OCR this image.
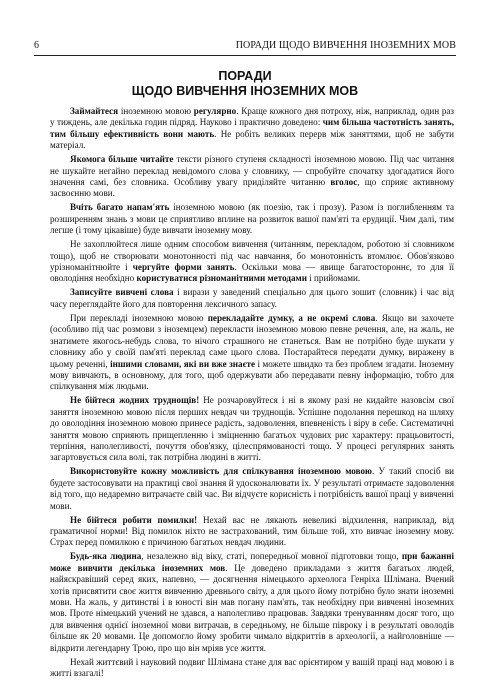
6	ПОРАДИ ЩОДО ВИВЧЕННЯ ІНОЗЕМНИХ МОВ
ПОРАДИ
ЩОДО ВИВЧЕННЯ ІНОЗЕМНИХ МОВ

Займайтеся іноземною мовою регулярно. Краще кожного дня потроху, ніж, наприклад, один раз у тиждень, але декілька годин підряд. Науково і практично доведено: чим більша частотність занять, тим більшу ефективність вони мають. Не робіть великих перерв між заняттями, щоб не забути матеріал.

Якомога більше читайте тексти різного ступеня складності іноземною мовою. Під час читання не шукайте негайно переклад невідомого слова у словнику, — спробуйте спочатку здогадатися його значення самі, без словника. Особливу увагу приділяйте читанню вголос, що сприяє активному засвоєнню мови.

Вчіть багато напам'ять іноземною мовою (як поезію, так і прозу). Разом із поглибленням та розширенням знань з мови це сприятливо вплине на розвиток вашої пам'яті та ерудиції. Чим далі, тим легше (і тому цікавіше) буде вивчати іноземну мову.

Не захоплюйтеся лише одним способом вивчення (читанням, перекладом, роботою зі словником тощо), щоб не створювати монотонності під час навчання, бо монотонність втомлює. Обов'язково урізноманітнюйте і чергуйте форми занять. Оскільки мова — явище багатостороннє, то для її оволодіння необхідно користуватися різноманітними методами і прийомами.

Записуйте вивчені слова і вирази у заведений спеціально для цього зошит (словник) і час від часу переглядайте його для повторення лексичного запасу.

При перекладі іноземною мовою перекладайте думку, а не окремі слова. Якщо ви захочете (особливо під час розмови з іноземцем) перекласти іноземною мовою певне речення, але, на жаль, не знатимете якогось-небудь слова, то нічого страшного не станеться. Вам не потрібно буде шукати у словнику або у своїй пам'яті переклад саме цього слова. Постарайтеся передати думку, виражену в цьому реченні, іншими словами, які ви вже знаєте і можете швидко та без проблем згадати. Іноземну мову вивчають, в основному, для того, щоб одержувати або передавати певну інформацію, тобто для спілкування між людьми.

Не бійтеся жодних труднощів! Не розчаровуйтеся і ні в якому разі не кидайте назовсім свої заняття іноземною мовою після перших невдач чи труднощів. Успішне подолання перешкод на шляху до оволодіння іноземною мовою принесе радість, задоволення, впевненість і віру в себе. Систематичні заняття мовою сприяють прищепленню і зміцненню багатьох чудових рис характеру: працьовитості, терпіння, наполегливості, почуття обов'язку, цілеспрямованості тощо. У процесі регулярних занять загартовується сила волі, так потрібна людині в житті.

Використовуйте кожну можливість для спілкування іноземною мовою. У такий спосіб ви будете застосовувати на практиці свої знання й удосконалювати їх. У результаті отримаєте задоволення від того, що недаремно витрачаєте свій час. Ви відчуєте корисність і потрібність вашої праці у вивченні мови.

Не бійтеся робити помилки! Нехай вас не лякають невеликі відхилення, наприклад, від граматичної норми! Від помилок ніхто не застрахований, тим більше той, хто вивчає іноземну мову. Страх перед помилкою є причиною багатьох невдач людини.

Будь-яка людина, незалежно від віку, статі, попередньої мовної підготовки тощо, при бажанні може вивчити декілька іноземних мов. Це доведено прикладами з життя багатьох людей, найяскравіший серед яких, напевно, — досягнення німецького археолога Генріха Шлімана. Вчений хотів присвятити своє життя вивченню древнього світу, а для цього йому потрібно було знати іноземні мови. На жаль, у дитинстві і в юності він мав погану пам'ять, так необхідну при вивченні іноземних мов. Проте німецький учений не здався, а наполегливо працював. Завдяки тренуванням досяг того, що для вивчення однієї іноземної мови витрачав, в середньому, не більше півроку і в результаті оволодів більше як 20 мовами. Це допомогло йому зробити чимало відкриттів в археології, а найголовніше — відкрити легендарну Трою, про що він мріяв усе життя.

Нехай життєвий і науковий подвиг Шлімана стане для вас орієнтиром у вашій праці над мовою і в житті взагалі!
